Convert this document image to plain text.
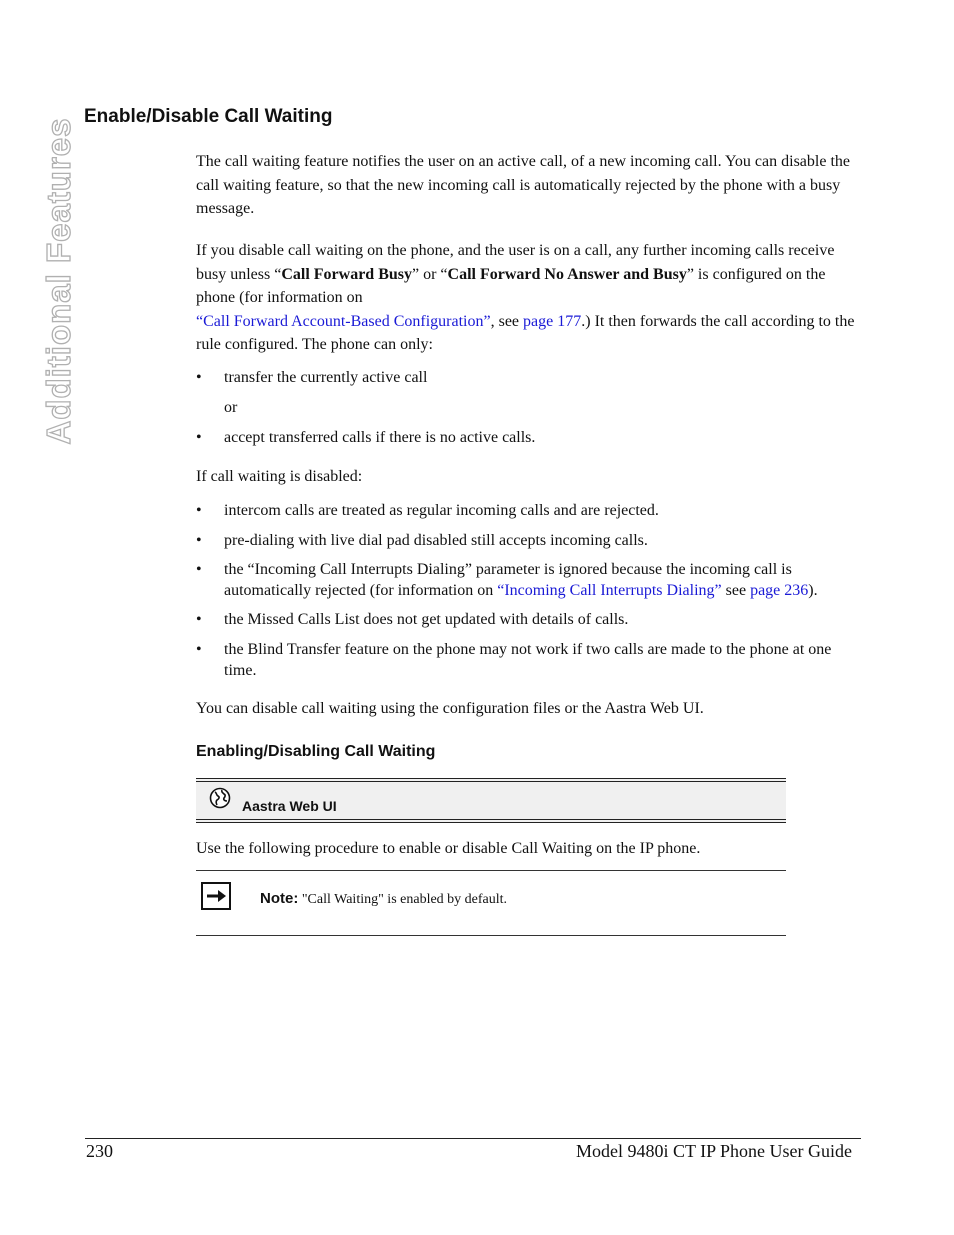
Additional Features
Enable/Disable Call Waiting

The call waiting feature notifies the user on an active call, of a new incoming call. You can disable the call waiting feature, so that the new incoming call is automatically rejected by the phone with a busy message.

If you disable call waiting on the phone, and the user is on a call, any further incoming calls receive busy unless “Call Forward Busy” or “Call Forward No Answer and Busy” is configured on the phone (for information on
“Call Forward Account-Based Configuration”, see page 177.) It then forwards the call according to the rule configured. The phone can only:

• transfer the currently active call
or
• accept transferred calls if there is no active calls.

If call waiting is disabled:

• intercom calls are treated as regular incoming calls and are rejected.
• pre-dialing with live dial pad disabled still accepts incoming calls.
• the “Incoming Call Interrupts Dialing” parameter is ignored because the incoming call is automatically rejected (for information on “Incoming Call Interrupts Dialing” see page 236).
• the Missed Calls List does not get updated with details of calls.
• the Blind Transfer feature on the phone may not work if two calls are made to the phone at one time.

You can disable call waiting using the configuration files or the Aastra Web UI.

Enabling/Disabling Call Waiting
Aastra Web UI

Use the following procedure to enable or disable Call Waiting on the IP phone.

Note: "Call Waiting" is enabled by default.
230	Model 9480i CT IP Phone User Guide
